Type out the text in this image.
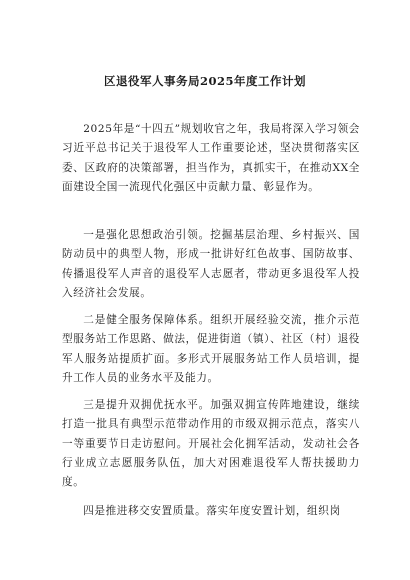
区退役军人事务局2025年度工作计划

2025年是“十四五”规划收官之年，我局将深入学习领会习近平总书记关于退役军人工作重要论述，坚决贯彻落实区委、区政府的决策部署，担当作为，真抓实干，在推动XX全面建设全国一流现代化强区中贡献力量、彰显作为。

一是强化思想政治引领。挖掘基层治理、乡村振兴、国防动员中的典型人物，形成一批讲好红色故事、国防故事、传播退役军人声音的退役军人志愿者，带动更多退役军人投入经济社会发展。

二是健全服务保障体系。组织开展经验交流，推介示范型服务站工作思路、做法，促进街道（镇）、社区（村）退役军人服务站提质扩面。多形式开展服务站工作人员培训，提升工作人员的业务水平及能力。

三是提升双拥优抚水平。加强双拥宣传阵地建设，继续打造一批具有典型示范带动作用的市级双拥示范点，落实八一等重要节日走访慰问。开展社会化拥军活动，发动社会各行业成立志愿服务队伍，加大对困难退役军人帮扶援助力度。

四是推进移交安置质量。落实年度安置计划，组织岗
